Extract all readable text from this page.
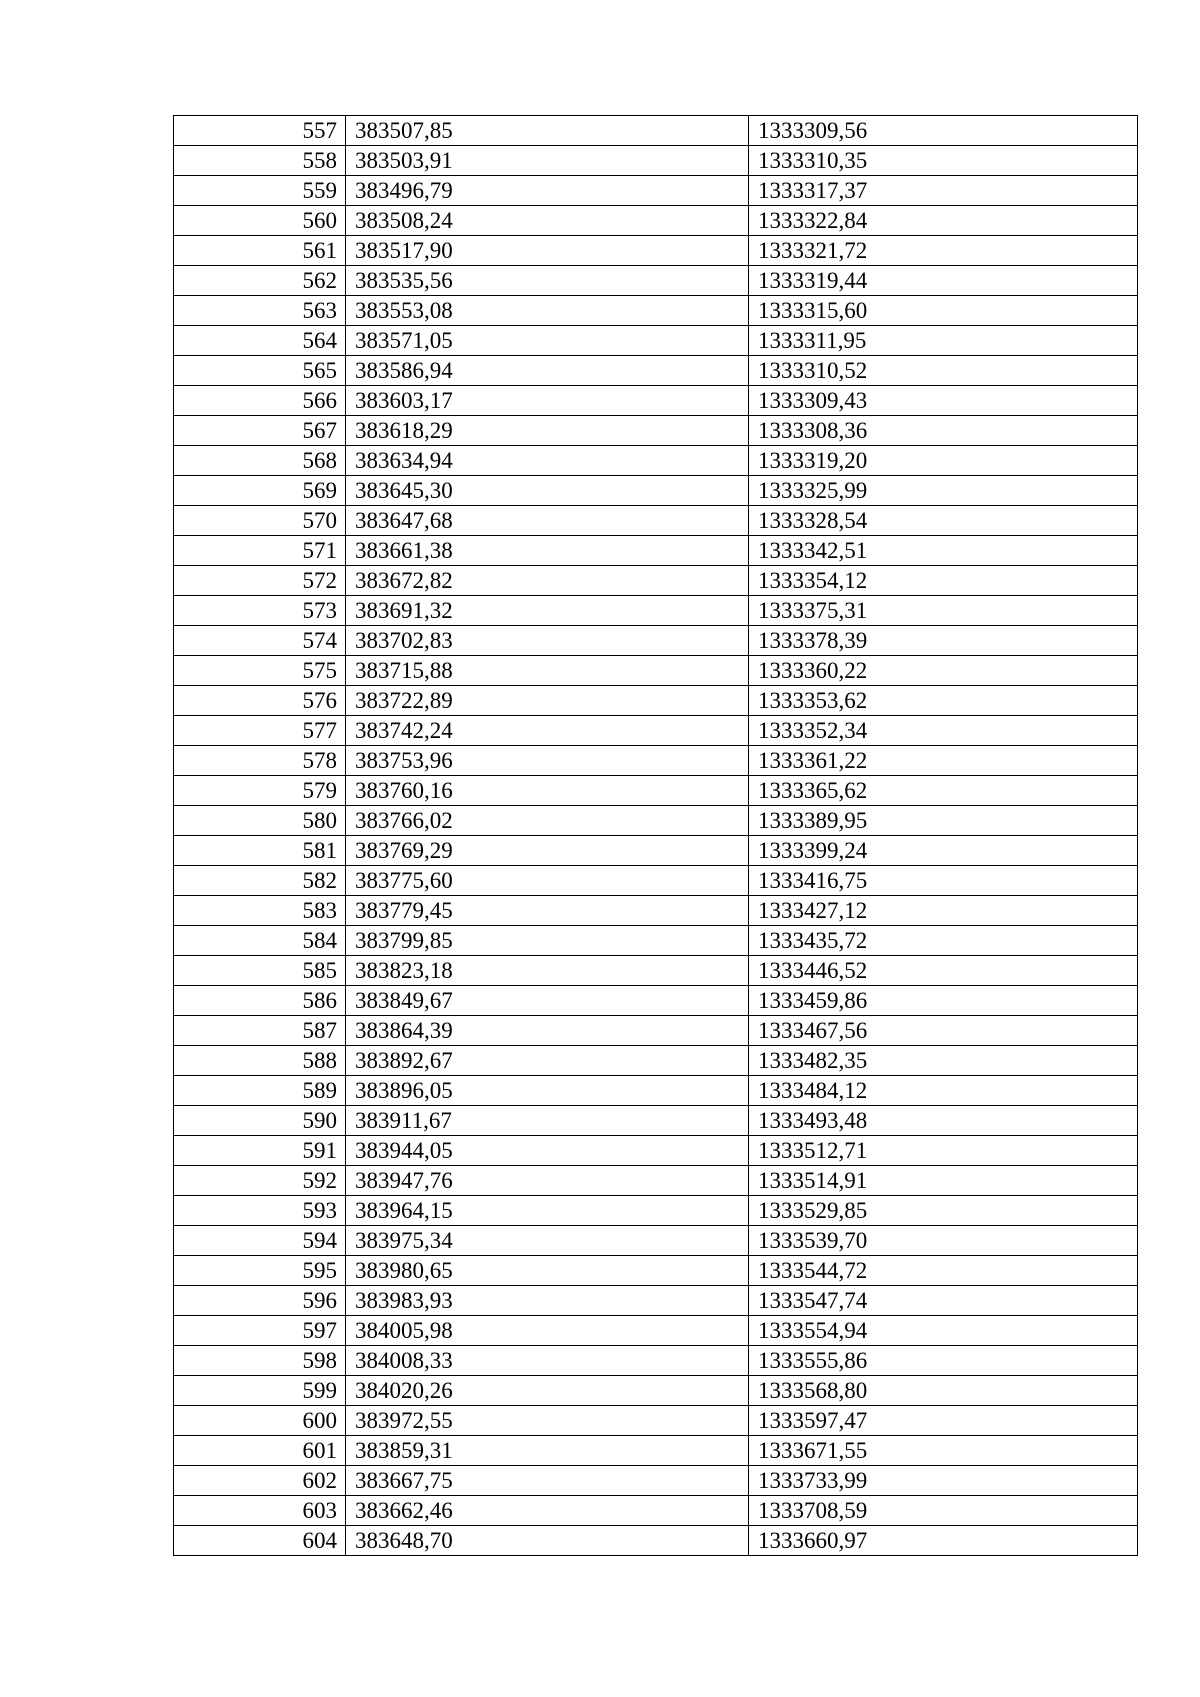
557	383507,85	1333309,56
558	383503,91	1333310,35
559	383496,79	1333317,37
560	383508,24	1333322,84
561	383517,90	1333321,72
562	383535,56	1333319,44
563	383553,08	1333315,60
564	383571,05	1333311,95
565	383586,94	1333310,52
566	383603,17	1333309,43
567	383618,29	1333308,36
568	383634,94	1333319,20
569	383645,30	1333325,99
570	383647,68	1333328,54
571	383661,38	1333342,51
572	383672,82	1333354,12
573	383691,32	1333375,31
574	383702,83	1333378,39
575	383715,88	1333360,22
576	383722,89	1333353,62
577	383742,24	1333352,34
578	383753,96	1333361,22
579	383760,16	1333365,62
580	383766,02	1333389,95
581	383769,29	1333399,24
582	383775,60	1333416,75
583	383779,45	1333427,12
584	383799,85	1333435,72
585	383823,18	1333446,52
586	383849,67	1333459,86
587	383864,39	1333467,56
588	383892,67	1333482,35
589	383896,05	1333484,12
590	383911,67	1333493,48
591	383944,05	1333512,71
592	383947,76	1333514,91
593	383964,15	1333529,85
594	383975,34	1333539,70
595	383980,65	1333544,72
596	383983,93	1333547,74
597	384005,98	1333554,94
598	384008,33	1333555,86
599	384020,26	1333568,80
600	383972,55	1333597,47
601	383859,31	1333671,55
602	383667,75	1333733,99
603	383662,46	1333708,59
604	383648,70	1333660,97
